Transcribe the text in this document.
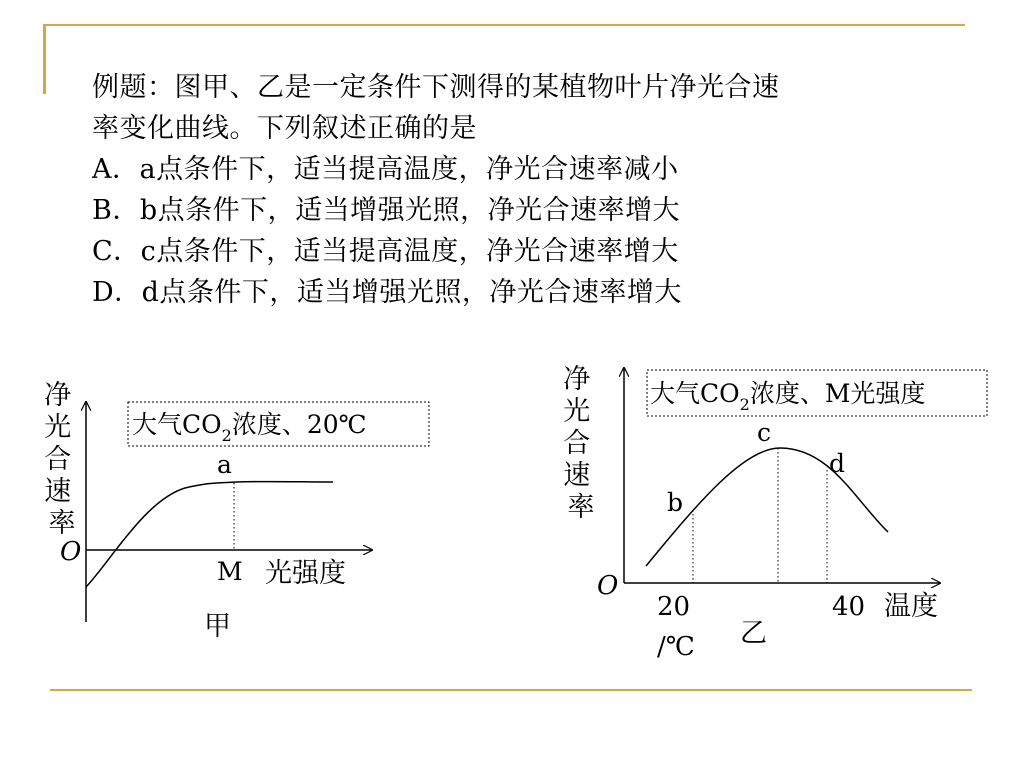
例题：图甲、乙是一定条件下测得的某植物叶片净光合速
率变化曲线。下列叙述正确的是
A．a点条件下，适当提高温度，净光合速率减小
B．b点条件下，适当增强光照，净光合速率增大
C．c点条件下，适当提高温度，净光合速率增大
D．d点条件下，适当增强光照，净光合速率增大
净 光 合 速 率
O
大气$CO_2$浓度、20℃
a
M 光强度
甲
净 光 合 速 率
O
大气$CO_2$浓度、M光强度
b
c
d
20	40 温度
/℃ 乙
